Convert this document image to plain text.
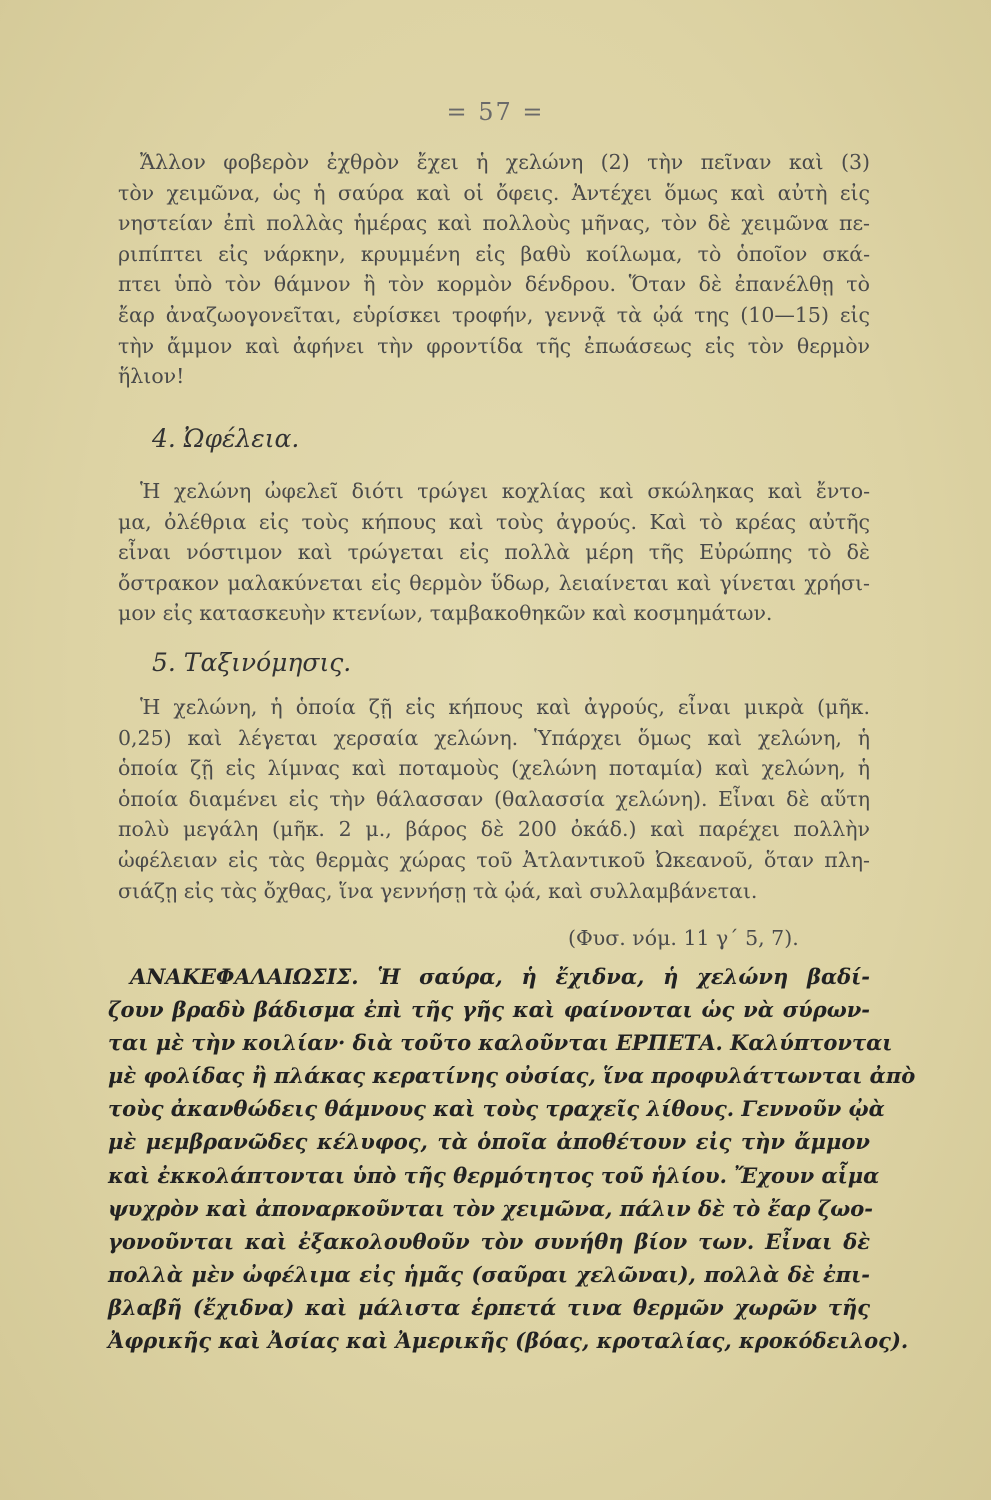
= 57 =
Ἄλλον φοβερὸν ἐχθρὸν ἔχει ἡ χελώνη (2) τὴν πεῖναν καὶ (3)
τὸν χειμῶνα, ὡς ἡ σαύρα καὶ οἱ ὄφεις. Ἀντέχει ὅμως καὶ αὐτὴ εἰς
νηστείαν ἐπὶ πολλὰς ἡμέρας καὶ πολλοὺς μῆνας, τὸν δὲ χειμῶνα πε-
ριπίπτει εἰς νάρκην, κρυμμένη εἰς βαθὺ κοίλωμα, τὸ ὁποῖον σκά-
πτει ὑπὸ τὸν θάμνον ἢ τὸν κορμὸν δένδρου. Ὅταν δὲ ἐπανέλθῃ τὸ
ἔαρ ἀναζωογονεῖται, εὑρίσκει τροφήν, γεννᾷ τὰ ᾠά της (10—15) εἰς
τὴν ἄμμον καὶ ἀφήνει τὴν φροντίδα τῆς ἐπωάσεως εἰς τὸν θερμὸν
ἥλιον!
4. Ὠφέλεια.
Ἡ χελώνη ὠφελεῖ διότι τρώγει κοχλίας καὶ σκώληκας καὶ ἔντο-
μα, ὀλέθρια εἰς τοὺς κήπους καὶ τοὺς ἀγρούς. Καὶ τὸ κρέας αὐτῆς
εἶναι νόστιμον καὶ τρώγεται εἰς πολλὰ μέρη τῆς Εὐρώπης τὸ δὲ
ὄστρακον μαλακύνεται εἰς θερμὸν ὕδωρ, λειαίνεται καὶ γίνεται χρήσι-
μον εἰς κατασκευὴν κτενίων, ταμβακοθηκῶν καὶ κοσμημάτων.
5. Ταξινόμησις.
Ἡ χελώνη, ἡ ὁποία ζῇ εἰς κήπους καὶ ἀγρούς, εἶναι μικρὰ (μῆκ.
0,25) καὶ λέγεται χερσαία χελώνη. Ὑπάρχει ὅμως καὶ χελώνη, ἡ
ὁποία ζῇ εἰς λίμνας καὶ ποταμοὺς (χελώνη ποταμία) καὶ χελώνη, ἡ
ὁποία διαμένει εἰς τὴν θάλασσαν (θαλασσία χελώνη). Εἶναι δὲ αὕτη
πολὺ μεγάλη (μῆκ. 2 μ., βάρος δὲ 200 ὀκάδ.) καὶ παρέχει πολλὴν
ὠφέλειαν εἰς τὰς θερμὰς χώρας τοῦ Ἀτλαντικοῦ Ὠκεανοῦ, ὅταν πλη-
σιάζῃ εἰς τὰς ὄχθας, ἵνα γεννήσῃ τὰ ᾠά, καὶ συλλαμβάνεται.
(Φυσ. νόμ. 11 γ΄ 5, 7).
ΑΝΑΚΕΦΑΛΑΙΩΣΙΣ. Ἡ σαύρα, ἡ ἔχιδνα, ἡ χελώνη βαδί-
ζουν βραδὺ βάδισμα ἐπὶ τῆς γῆς καὶ φαίνονται ὡς νὰ σύρων-
ται μὲ τὴν κοιλίαν· διὰ τοῦτο καλοῦνται ΕΡΠΕΤΑ. Καλύπτονται
μὲ φολίδας ἢ πλάκας κερατίνης οὐσίας, ἵνα προφυλάττωνται ἀπὸ
τοὺς ἀκανθώδεις θάμνους καὶ τοὺς τραχεῖς λίθους. Γεννοῦν ᾠὰ
μὲ μεμβρανῶδες κέλυφος, τὰ ὁποῖα ἀποθέτουν εἰς τὴν ἄμμον
καὶ ἐκκολάπτονται ὑπὸ τῆς θερμότητος τοῦ ἡλίου. Ἔχουν αἷμα
ψυχρὸν καὶ ἀποναρκοῦνται τὸν χειμῶνα, πάλιν δὲ τὸ ἔαρ ζωο-
γονοῦνται καὶ ἐξακολουθοῦν τὸν συνήθη βίον των. Εἶναι δὲ
πολλὰ μὲν ὠφέλιμα εἰς ἡμᾶς (σαῦραι χελῶναι), πολλὰ δὲ ἐπι-
βλαβῆ (ἔχιδνα) καὶ μάλιστα ἑρπετά τινα θερμῶν χωρῶν τῆς
Ἀφρικῆς καὶ Ἀσίας καὶ Ἀμερικῆς (βόας, κροταλίας, κροκόδειλος).
